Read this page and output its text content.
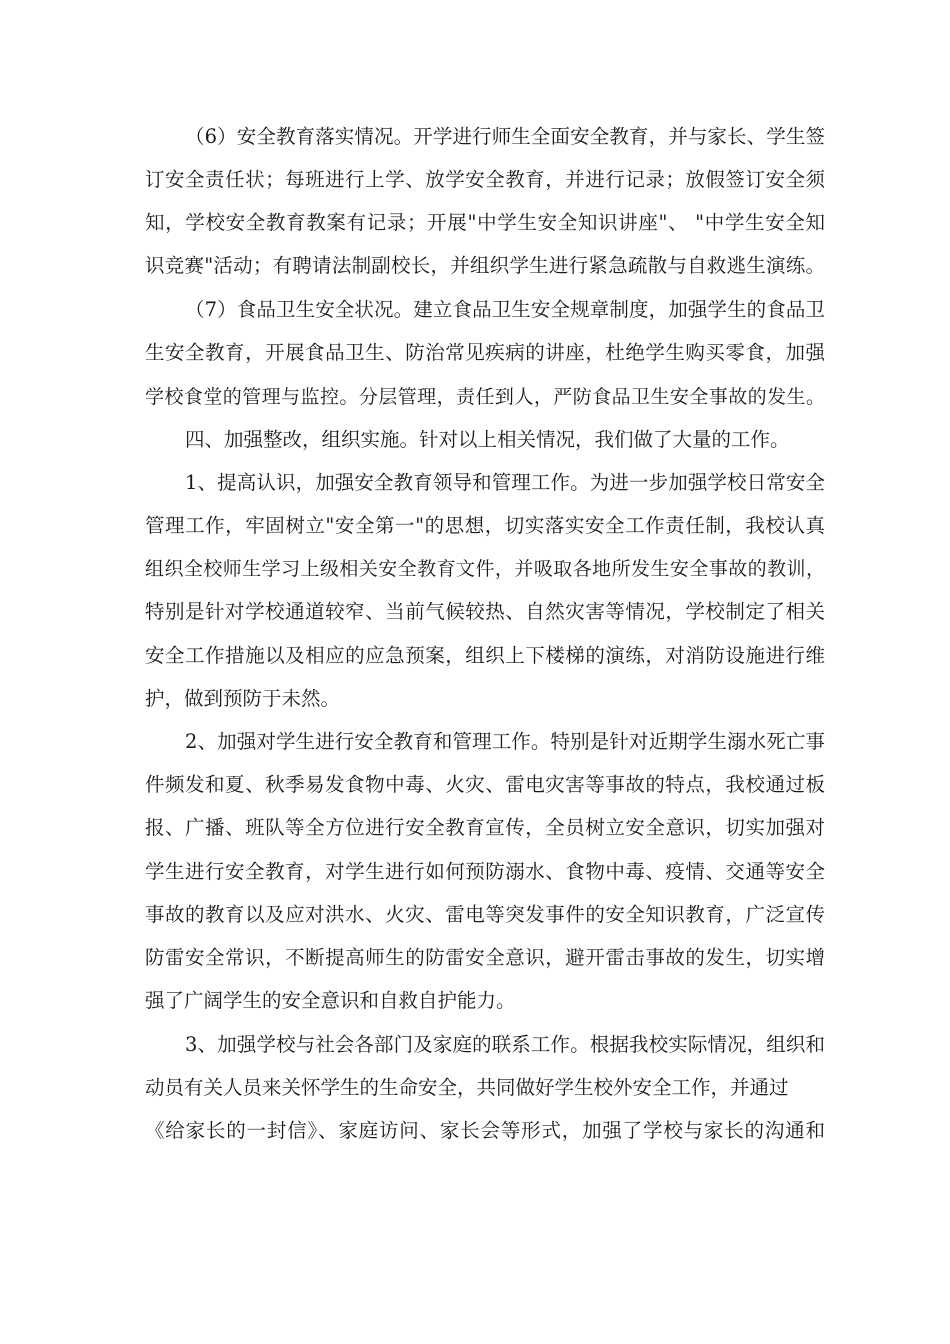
（6）安全教育落实情况。开学进行师生全面安全教育，并与家长、学生签
订安全责任状；每班进行上学、放学安全教育，并进行记录；放假签订安全须
知，学校安全教育教案有记录；开展"中学生安全知识讲座"、 "中学生安全知
识竞赛"活动；有聘请法制副校长，并组织学生进行紧急疏散与自救逃生演练。
（7）食品卫生安全状况。建立食品卫生安全规章制度，加强学生的食品卫
生安全教育，开展食品卫生、防治常见疾病的讲座，杜绝学生购买零食，加强
学校食堂的管理与监控。分层管理，责任到人，严防食品卫生安全事故的发生。
四、加强整改，组织实施。针对以上相关情况，我们做了大量的工作。
1、提高认识，加强安全教育领导和管理工作。为进一步加强学校日常安全
管理工作，牢固树立"安全第一"的思想，切实落实安全工作责任制，我校认真
组织全校师生学习上级相关安全教育文件，并吸取各地所发生安全事故的教训，
特别是针对学校通道较窄、当前气候较热、自然灾害等情况，学校制定了相关
安全工作措施以及相应的应急预案，组织上下楼梯的演练，对消防设施进行维
护，做到预防于未然。
2、加强对学生进行安全教育和管理工作。特别是针对近期学生溺水死亡事
件频发和夏、秋季易发食物中毒、火灾、雷电灾害等事故的特点，我校通过板
报、广播、班队等全方位进行安全教育宣传，全员树立安全意识，切实加强对
学生进行安全教育，对学生进行如何预防溺水、食物中毒、疫情、交通等安全
事故的教育以及应对洪水、火灾、雷电等突发事件的安全知识教育，广泛宣传
防雷安全常识，不断提高师生的防雷安全意识，避开雷击事故的发生，切实增
强了广阔学生的安全意识和自救自护能力。
3、加强学校与社会各部门及家庭的联系工作。根据我校实际情况，组织和
动员有关人员来关怀学生的生命安全，共同做好学生校外安全工作，并通过
《给家长的一封信》、家庭访问、家长会等形式，加强了学校与家长的沟通和
